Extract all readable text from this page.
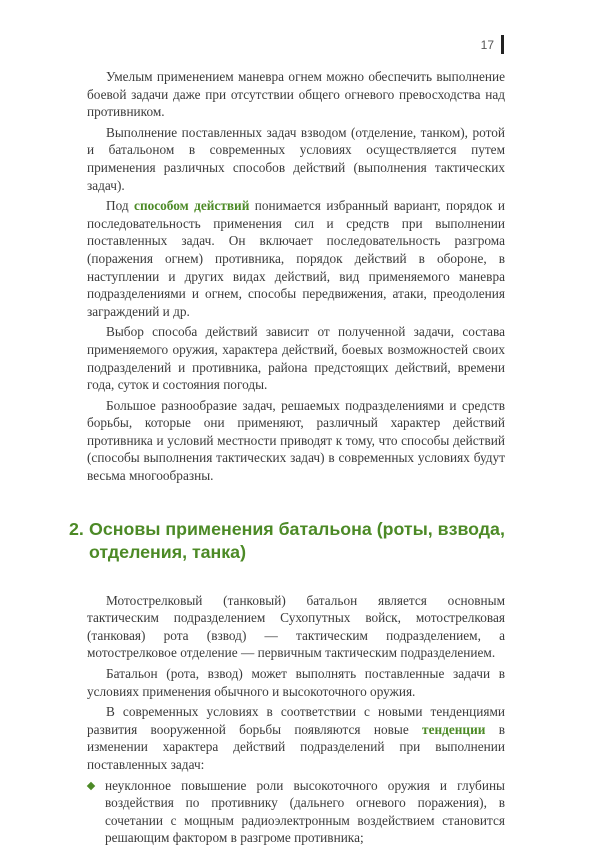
17

Умелым применением маневра огнем можно обеспечить выполнение боевой задачи даже при отсутствии общего огневого превосходства над противником.

Выполнение поставленных задач взводом (отделение, танком), ротой и батальоном в современных условиях осуществляется путем применения различных способов действий (выполнения тактических задач).

Под способом действий понимается избранный вариант, порядок и последовательность применения сил и средств при выполнении поставленных задач. Он включает последовательность разгрома (поражения огнем) противника, порядок действий в обороне, в наступлении и других видах действий, вид применяемого маневра подразделениями и огнем, способы передвижения, атаки, преодоления заграждений и др.

Выбор способа действий зависит от полученной задачи, состава применяемого оружия, характера действий, боевых возможностей своих подразделений и противника, района предстоящих действий, времени года, суток и состояния погоды.

Большое разнообразие задач, решаемых подразделениями и средств борьбы, которые они применяют, различный характер действий противника и условий местности приводят к тому, что способы действий (способы выполнения тактических задач) в современных условиях будут весьма многообразны.

2. Основы применения батальона (роты, взвода, отделения, танка)

Мотострелковый (танковый) батальон является основным тактическим подразделением Сухопутных войск, мотострелковая (танковая) рота (взвод) — тактическим подразделением, а мотострелковое отделение — первичным тактическим подразделением.

Батальон (рота, взвод) может выполнять поставленные задачи в условиях применения обычного и высокоточного оружия.

В современных условиях в соответствии с новыми тенденциями развития вооруженной борьбы появляются новые тенденции в изменении характера действий подразделений при выполнении поставленных задач:

неуклонное повышение роли высокоточного оружия и глубины воздействия по противнику (дальнего огневого поражения), в сочетании с мощным радиоэлектронным воздействием становится решающим фактором в разгроме противника;
